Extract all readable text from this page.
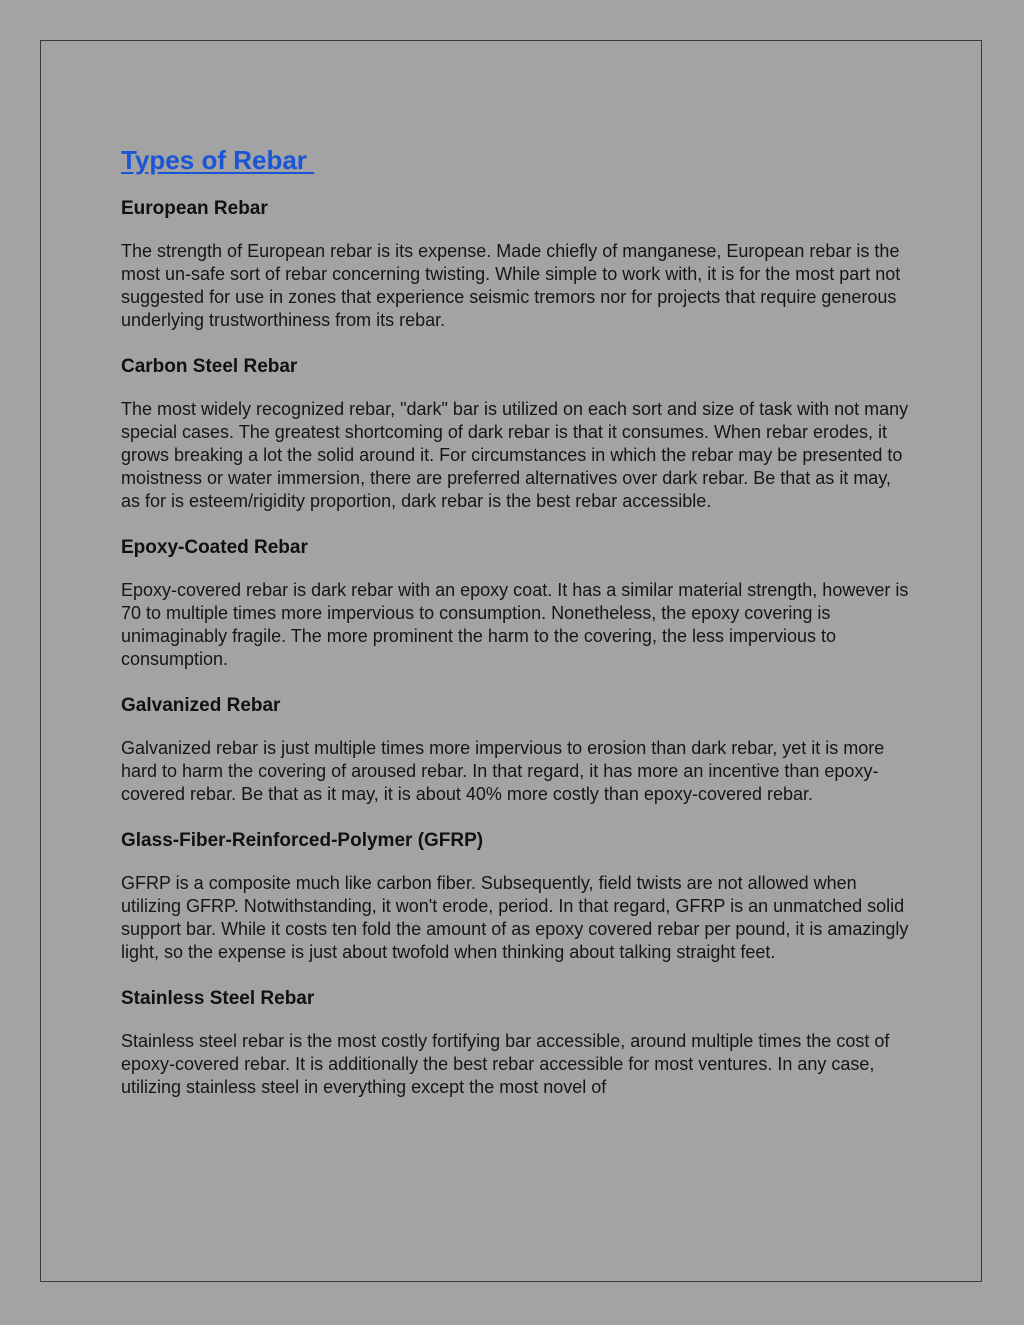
Types of Rebar
European Rebar

The strength of European rebar is its expense. Made chiefly of manganese, European rebar is the most un-safe sort of rebar concerning twisting. While simple to work with, it is for the most part not suggested for use in zones that experience seismic tremors nor for projects that require generous underlying trustworthiness from its rebar.

Carbon Steel Rebar

The most widely recognized rebar, "dark" bar is utilized on each sort and size of task with not many special cases. The greatest shortcoming of dark rebar is that it consumes. When rebar erodes, it grows breaking a lot the solid around it. For circumstances in which the rebar may be presented to moistness or water immersion, there are preferred alternatives over dark rebar. Be that as it may, as for is esteem/rigidity proportion, dark rebar is the best rebar accessible.

Epoxy-Coated Rebar

Epoxy-covered rebar is dark rebar with an epoxy coat. It has a similar material strength, however is 70 to multiple times more impervious to consumption. Nonetheless, the epoxy covering is unimaginably fragile. The more prominent the harm to the covering, the less impervious to consumption.

Galvanized Rebar

Galvanized rebar is just multiple times more impervious to erosion than dark rebar, yet it is more hard to harm the covering of aroused rebar. In that regard, it has more an incentive than epoxy-covered rebar. Be that as it may, it is about 40% more costly than epoxy-covered rebar.

Glass-Fiber-Reinforced-Polymer (GFRP)

GFRP is a composite much like carbon fiber. Subsequently, field twists are not allowed when utilizing GFRP. Notwithstanding, it won't erode, period. In that regard, GFRP is an unmatched solid support bar. While it costs ten fold the amount of as epoxy covered rebar per pound, it is amazingly light, so the expense is just about twofold when thinking about talking straight feet.

Stainless Steel Rebar

Stainless steel rebar is the most costly fortifying bar accessible, around multiple times the cost of epoxy-covered rebar. It is additionally the best rebar accessible for most ventures. In any case, utilizing stainless steel in everything except the most novel of
